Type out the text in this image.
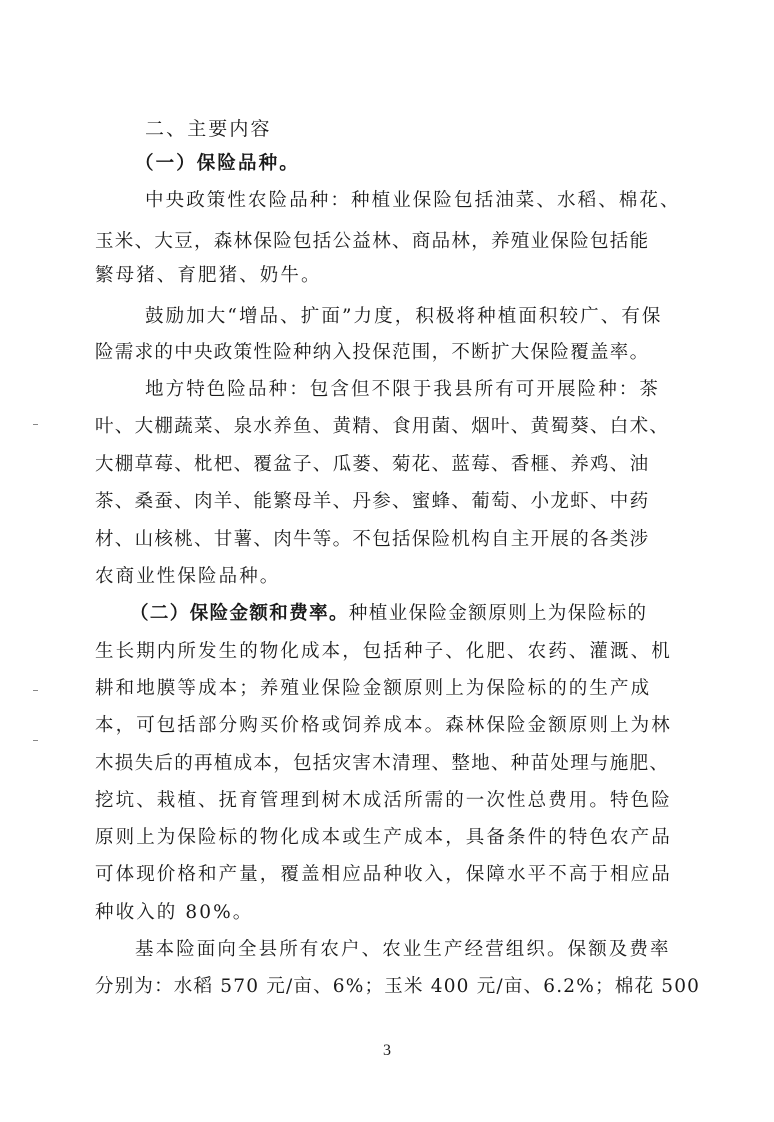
二、主要内容
（一）保险品种。
中央政策性农险品种：种植业保险包括油菜、水稻、棉花、
玉米、大豆，森林保险包括公益林、商品林，养殖业保险包括能
繁母猪、育肥猪、奶牛。
鼓励加大“增品、扩面”力度，积极将种植面积较广、有保
险需求的中央政策性险种纳入投保范围，不断扩大保险覆盖率。
地方特色险品种：包含但不限于我县所有可开展险种：茶
叶、大棚蔬菜、泉水养鱼、黄精、食用菌、烟叶、黄蜀葵、白术、
大棚草莓、枇杷、覆盆子、瓜蒌、菊花、蓝莓、香榧、养鸡、油
茶、桑蚕、肉羊、能繁母羊、丹参、蜜蜂、葡萄、小龙虾、中药
材、山核桃、甘薯、肉牛等。不包括保险机构自主开展的各类涉
农商业性保险品种。
（二）保险金额和费率。种植业保险金额原则上为保险标的
生长期内所发生的物化成本，包括种子、化肥、农药、灌溉、机
耕和地膜等成本；养殖业保险金额原则上为保险标的的生产成
本，可包括部分购买价格或饲养成本。森林保险金额原则上为林
木损失后的再植成本，包括灾害木清理、整地、种苗处理与施肥、
挖坑、栽植、抚育管理到树木成活所需的一次性总费用。特色险
原则上为保险标的物化成本或生产成本，具备条件的特色农产品
可体现价格和产量，覆盖相应品种收入，保障水平不高于相应品
种收入的 80%。
基本险面向全县所有农户、农业生产经营组织。保额及费率
分别为：水稻 570 元/亩、6%；玉米 400 元/亩、6.2%；棉花 500
3
